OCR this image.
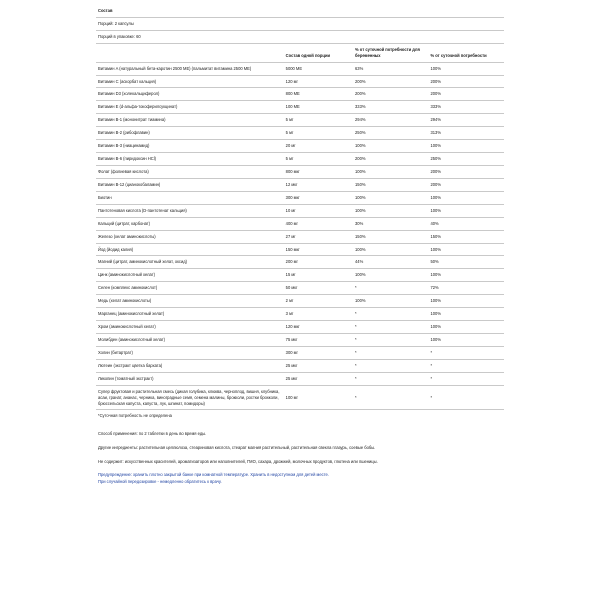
Состав			
Порций: 2 капсулы			
Порций в упаковке: 60			
	Состав одной порции	% от суточной потребности для беременных	% от суточной потребности
Витамин A (натуральный бета-каротин 2500 МЕ) (пальмитат витамина 2500 МЕ)	5000 МЕ	63%	100%
Витамин C (аскорбат кальция)	120 мг	200%	200%
Витамин D3 (холекальциферол)	800 МЕ	200%	200%
Витамин Е (d-альфа-токоферилсукцинат)	100 МЕ	333%	333%
Витамин В-1 (мононитрат тиамина)	5 мг	294%	294%
Витамин В-2 (рибофлавин)	5 мг	250%	313%
Витамин В-3 (ниацинамид)	20 мг	100%	100%
Витамин В-6 (пиридоксин HCl)	5 мг	200%	250%
Фолат (фолиевая кислота)	800 мкг	100%	200%
Витамин В-12 (цианокобаламин)	12 мкг	150%	200%
Биотин	300 мкг	100%	100%
Пантотеновая кислота (D-пантотенат кальция)	10 мг	100%	100%
Кальций (цитрат, карбонат)	400 мг	30%	40%
Железо (хелат аминокислоты)	27 мг	150%	150%
Йод (йодид калия)	150 мкг	100%	100%
Магний (цитрат, аминокислотный хелат, оксид)	200 мг	44%	50%
Цинк (аминокислотный хелат)	15 мг	100%	100%
Селен (комплекс аминокислот)	50 мкг	*	72%
Медь (хелат аминокислоты)	2 мг	100%	100%
Марганец (аминокислотный хелат)	3 мг	*	100%
Хром (аминокислотный хелат)	120 мкг	*	100%
Молибден (аминокислотный хелат)	75 мкг	*	100%
Холин (битартрат)	300 мг	*	*
Лютеин (экстракт цветка бархата)	25 мкг	*	*
Ликопин (томатный экстракт)	25 мкг	*	*
Супер фруктовая и растительная смесь (дикая голубика, клюква, черноплод, вишня, клубника, асаи, гранат, ананас, черника, виноградные семя, семена малины, брокколи, ростки брокколи, брюссельская капуста, капуста, лук, шпинат, помидоры)	100 мг	*	*
*Суточная потребность не определена			

Способ применения: по 2 таблетки в день во время еды.

Другие ингредиенты: растительная целлюлоза, стеариновая кислота, стеарат магния растительный, растительная свекла глазурь, соевые бобы.

Не содержит: искусственных красителей, ароматизаторов или наполнителей, ГМО, сахара, дрожжей, молочных продуктов, глютена или пшеницы.

Предупреждение: хранить плотно закрытой банке при комнатной температуре. Хранить в недоступном для детей месте.

При случайной передозировке - немедленно обратитесь к врачу.
